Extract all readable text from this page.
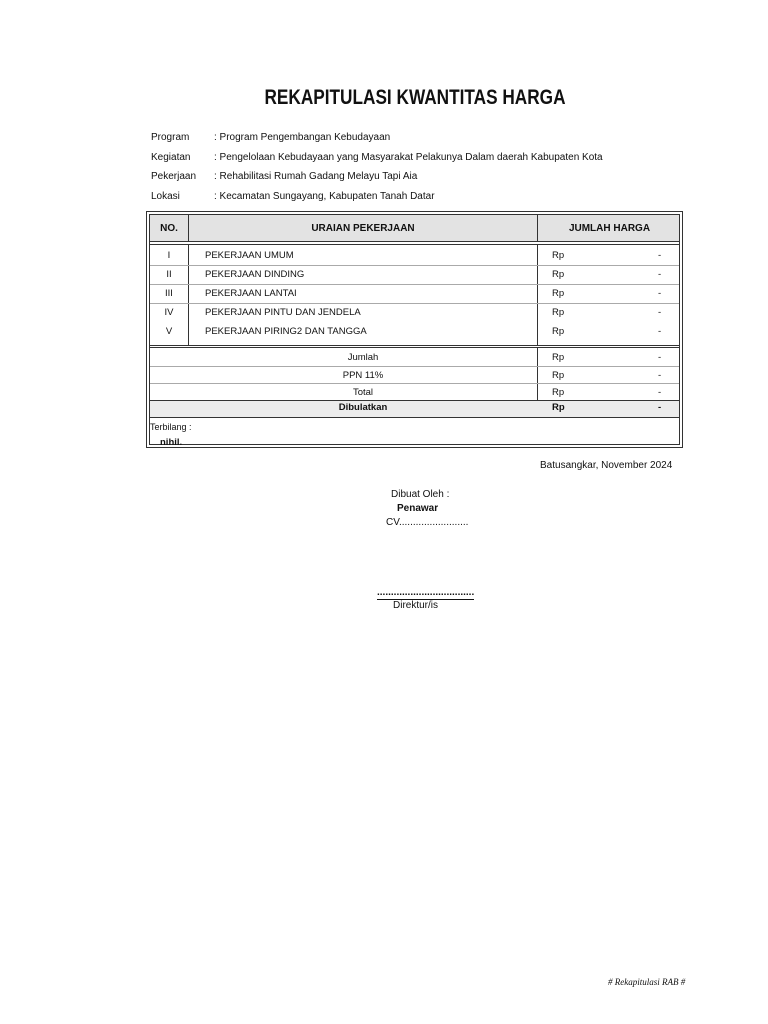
REKAPITULASI KWANTITAS HARGA
Program	: Program Pengembangan Kebudayaan
Kegiatan	: Pengelolaan Kebudayaan yang Masyarakat Pelakunya Dalam daerah Kabupaten Kota
Pekerjaan	: Rehabilitasi Rumah Gadang Melayu Tapi Aia
Lokasi	: Kecamatan Sungayang, Kabupaten Tanah Datar
NO.	URAIAN PEKERJAAN	JUMLAH HARGA
I	PEKERJAAN UMUM	Rp	-
II	PEKERJAAN DINDING	Rp	-
III	PEKERJAAN LANTAI	Rp	-
IV	PEKERJAAN PINTU DAN JENDELA	Rp	-
V	PEKERJAAN PIRING2 DAN TANGGA	Rp	-
Jumlah	Rp	-
PPN 11%	Rp	-
Total	Rp	-
Dibulatkan	Rp	-
Terbilang :
nihil.
Batusangkar, November 2024
Dibuat Oleh :
Penawar
CV.........................
...................................
Direktur/is
# Rekapitulasi RAB #
